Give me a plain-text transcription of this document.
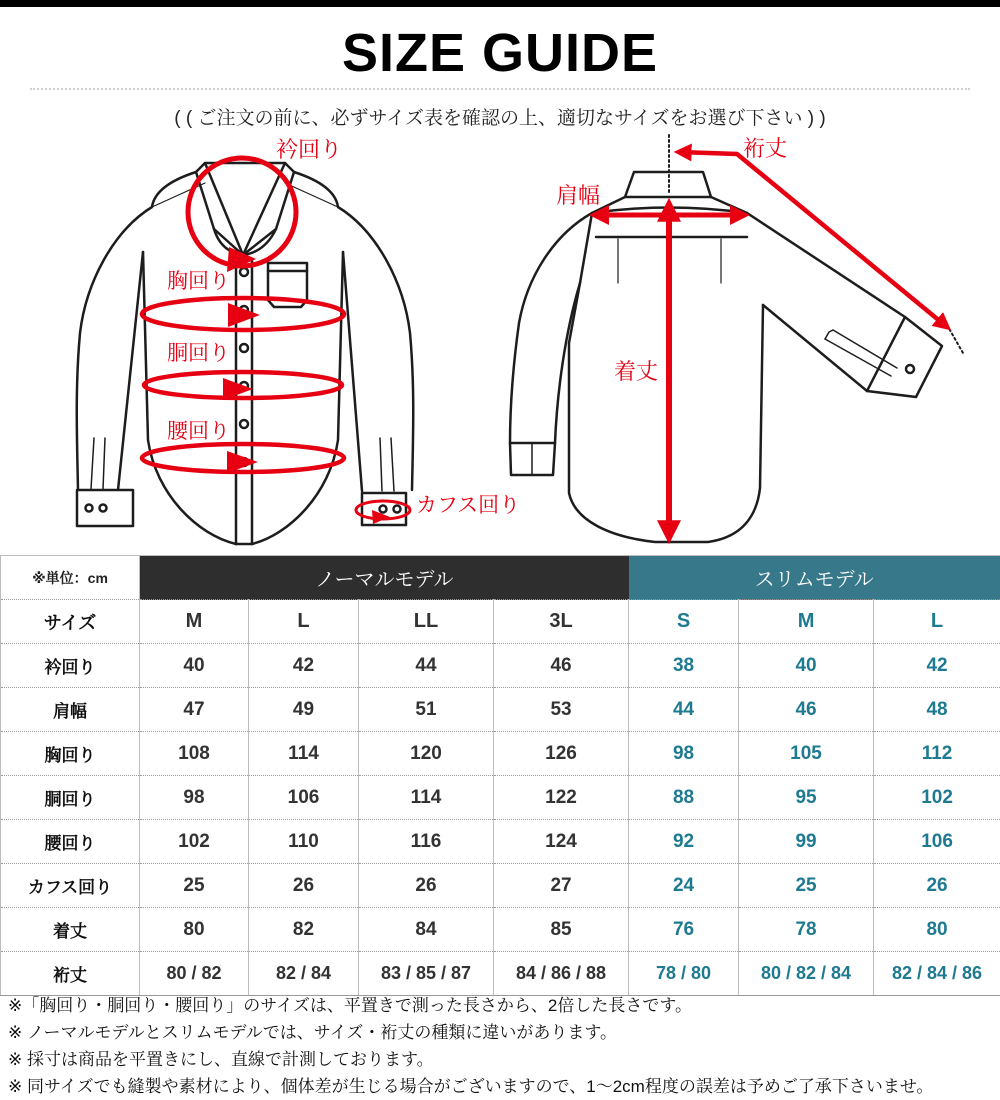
SIZE GUIDE
( ( ご注文の前に、必ずサイズ表を確認の上、適切なサイズをお選び下さい ) )
衿回り
胸回り
胴回り
腰回り
カフス回り
裄丈
肩幅
着丈
※単位：cm	ノーマルモデル				スリムモデル		
サイズ	M	L	LL	3L	S	M	L
衿回り	40	42	44	46	38	40	42
肩幅	47	49	51	53	44	46	48
胸回り	108	114	120	126	98	105	112
胴回り	98	106	114	122	88	95	102
腰回り	102	110	116	124	92	99	106
カフス回り	25	26	26	27	24	25	26
着丈	80	82	84	85	76	78	80
裄丈	80 / 82	82 / 84	83 / 85 / 87	84 / 86 / 88	78 / 80	80 / 82 / 84	82 / 84 / 86
※「胸回り・胴回り・腰回り」のサイズは、平置きで測った長さから、2倍した長さです。
※ ノーマルモデルとスリムモデルでは、サイズ・裄丈の種類に違いがあります。
※ 採寸は商品を平置きにし、直線で計測しております。
※ 同サイズでも縫製や素材により、個体差が生じる場合がございますので、1～2cm程度の誤差は予めご了承下さいませ。
